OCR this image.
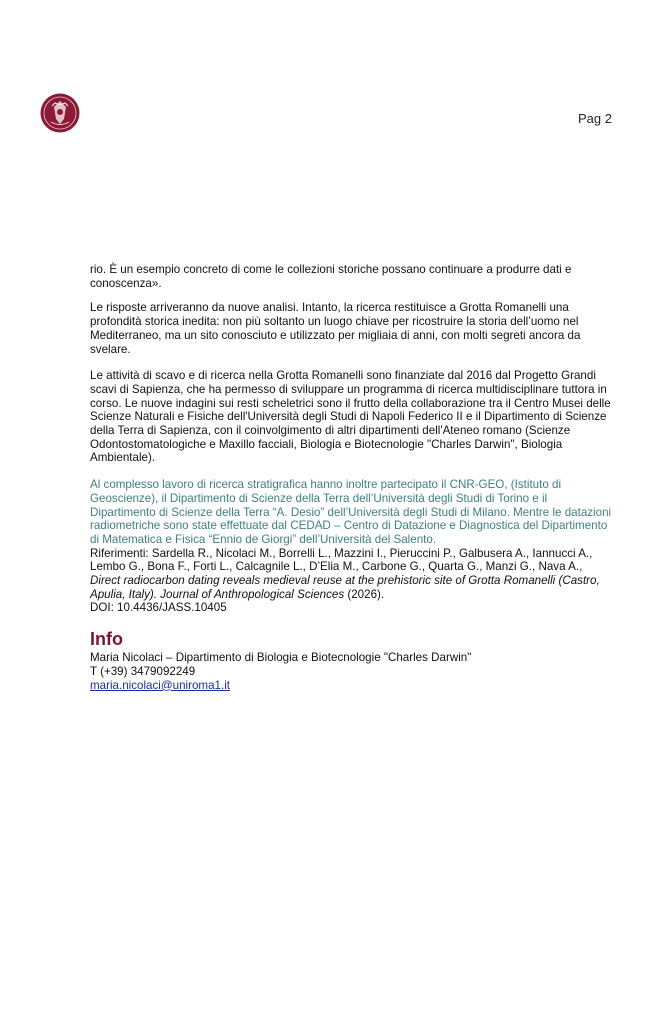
Pag 2

rio. È un esempio concreto di come le collezioni storiche possano continuare a produrre dati e conoscenza».

Le risposte arriveranno da nuove analisi. Intanto, la ricerca restituisce a Grotta Romanelli una profondità storica inedita: non più soltanto un luogo chiave per ricostruire la storia dell’uomo nel Mediterraneo, ma un sito conosciuto e utilizzato per migliaia di anni, con molti segreti ancora da svelare.

Le attività di scavo e di ricerca nella Grotta Romanelli sono finanziate dal 2016 dal Progetto Grandi scavi di Sapienza, che ha permesso di sviluppare un programma di ricerca multidisciplinare tuttora in corso. Le nuove indagini sui resti scheletrici sono il frutto della collaborazione tra il Centro Musei delle Scienze Naturali e Fisiche dell'Università degli Studi di Napoli Federico II e il Dipartimento di Scienze della Terra di Sapienza, con il coinvolgimento di altri dipartimenti dell'Ateneo romano (Scienze Odontostomatologiche e Maxillo facciali, Biologia e Biotecnologie "Charles Darwin", Biologia Ambientale).

Al complesso lavoro di ricerca stratigrafica hanno inoltre partecipato il CNR-GEO, (Istituto di Geoscienze), il Dipartimento di Scienze della Terra dell’Università degli Studi di Torino e il Dipartimento di Scienze della Terra “A. Desio” dell’Università degli Studi di Milano. Mentre le datazioni radiometriche sono state effettuate dal CEDAD – Centro di Datazione e Diagnostica del Dipartimento di Matematica e Fisica “Ennio de Giorgi” dell’Università del Salento.

Riferimenti: Sardella R., Nicolaci M., Borrelli L., Mazzini I., Pieruccini P., Galbusera A., Iannucci A., Lembo G., Bona F., Forti L., Calcagnile L., D’Elia M., Carbone G., Quarta G., Manzi G., Nava A., Direct radiocarbon dating reveals medieval reuse at the prehistoric site of Grotta Romanelli (Castro, Apulia, Italy). Journal of Anthropological Sciences (2026).

DOI: 10.4436/JASS.10405

Info

Maria Nicolaci – Dipartimento di Biologia e Biotecnologie "Charles Darwin"

T (+39) 3479092249

maria.nicolaci@uniroma1.it
